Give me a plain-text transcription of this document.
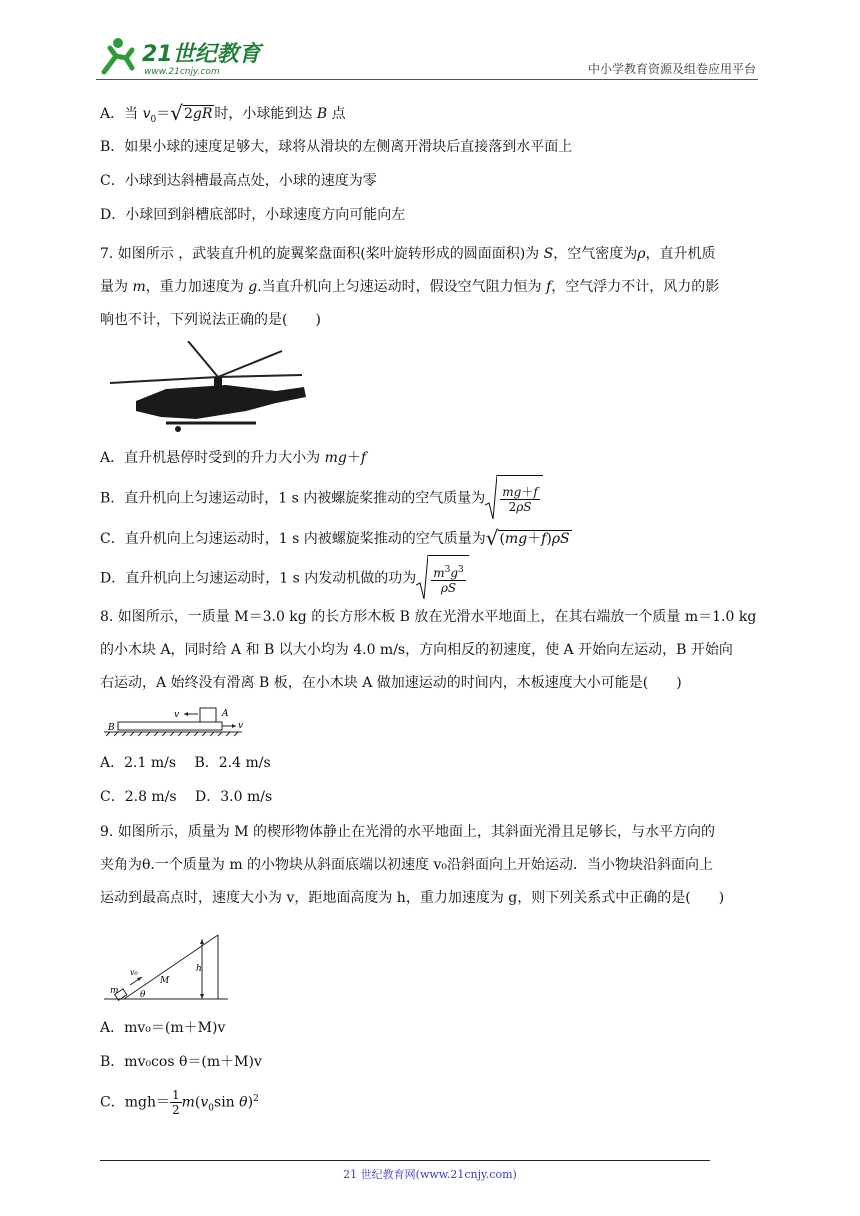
21世纪教育
www.21cnjy.com	中小学教育资源及组卷应用平台
A．当 $v_0=√2gR$ 时，小球能到达 B 点
B．如果小球的速度足够大，球将从滑块的左侧离开滑块后直接落到水平面上
C．小球到达斜槽最高点处，小球的速度为零
D．小球回到斜槽底部时，小球速度方向可能向左
7. 如图所示 ，武装直升机的旋翼桨盘面积(桨叶旋转形成的圆面面积)为 S，空气密度为ρ，直升机质
量为 m，重力加速度为 g.当直升机向上匀速运动时，假设空气阻力恒为 f，空气浮力不计，风力的影
响也不计，下列说法正确的是(　　)
A．直升机悬停时受到的升力大小为 mg＋f
B．直升机向上匀速运动时，1 s 内被螺旋桨推动的空气质量为 $\frac{mg+f}{2\rho S}$
C．直升机向上匀速运动时，1 s 内被螺旋桨推动的空气质量为√(mg＋f)ρS
D．直升机向上匀速运动时，1 s 内发动机做的功为 $\frac{m^3g^3}{\rho S}$
8. 如图所示，一质量 M＝3.0 kg 的长方形木板 B 放在光滑水平地面上，在其右端放一个质量 m＝1.0 kg
的小木块 A，同时给 A 和 B 以大小均为 4.0 m/s，方向相反的初速度，使 A 开始向左运动，B 开始向
右运动，A 始终没有滑离 B 板，在小木块 A 做加速运动的时间内，木板速度大小可能是(　　)
v	A
v
B
A．2.1 m/s　 B．2.4 m/s
C．2.8 m/s　 D．3.0 m/s
9. 如图所示，质量为 M 的楔形物体静止在光滑的水平地面上，其斜面光滑且足够长，与水平方向的
夹角为θ.一个质量为 m 的小物块从斜面底端以初速度 v₀沿斜面向上开始运动．当小物块沿斜面向上
运动到最高点时，速度大小为 v，距地面高度为 h，重力加速度为 g，则下列关系式中正确的是(　　)
v₀
M
h
m θ
A．mv₀＝(m＋M)v
B．mv₀cos θ＝(m＋M)v
C．$mgh= \frac{1}{2} m(v_0\sin$ θ)$^2$
21 世纪教育网(www.21cnjy.com)
